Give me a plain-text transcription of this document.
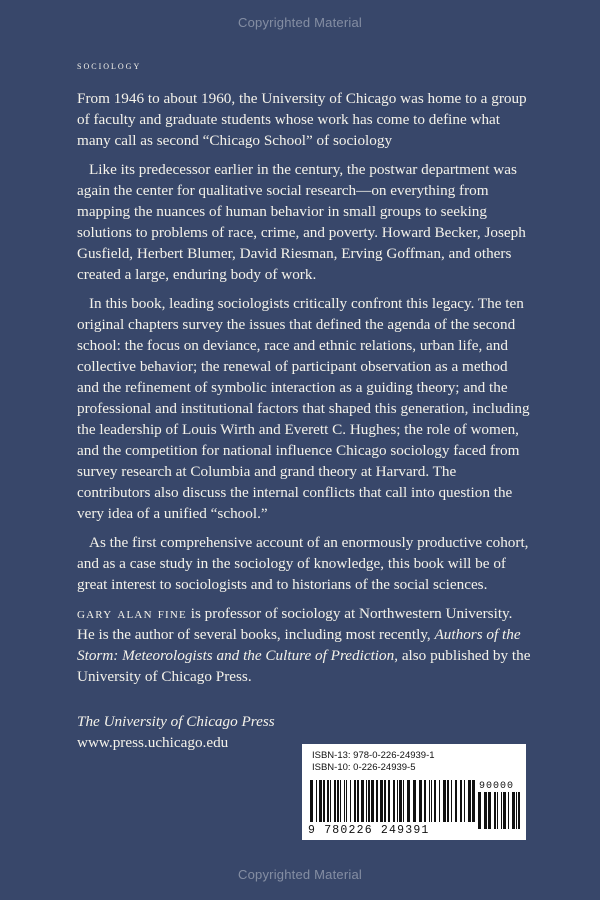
Copyrighted Material
sociology

From 1946 to about 1960, the University of Chicago was home to a group of faculty and graduate students whose work has come to define what many call as second “Chicago School” of sociology

Like its predecessor earlier in the century, the postwar department was again the center for qualitative social research—on everything from mapping the nuances of human behavior in small groups to seeking solutions to problems of race, crime, and poverty. Howard Becker, Joseph Gusfield, Herbert Blumer, David Riesman, Erving Goffman, and others created a large, enduring body of work.

In this book, leading sociologists critically confront this legacy. The ten original chapters survey the issues that defined the agenda of the second school: the focus on deviance, race and ethnic relations, urban life, and collective behavior; the renewal of participant observation as a method and the refinement of symbolic interaction as a guiding theory; and the professional and institutional factors that shaped this generation, including the leadership of Louis Wirth and Everett C. Hughes; the role of women, and the competition for national influence Chicago sociology faced from survey research at Columbia and grand theory at Harvard. The contributors also discuss the internal conflicts that call into question the very idea of a unified “school.”

As the first comprehensive account of an enormously productive cohort, and as a case study in the sociology of knowledge, this book will be of great interest to sociologists and to historians of the social sciences.

gary alan fine is professor of sociology at Northwestern University. He is the author of several books, including most recently, Authors of the Storm: Meteorologists and the Culture of Prediction, also published by the University of Chicago Press.

The University of Chicago Press
www.press.uchicago.edu
ISBN-13: 978-0-226-24939-1
ISBN-10: 0-226-24939-5
9 780226 249391
90000
Copyrighted Material
